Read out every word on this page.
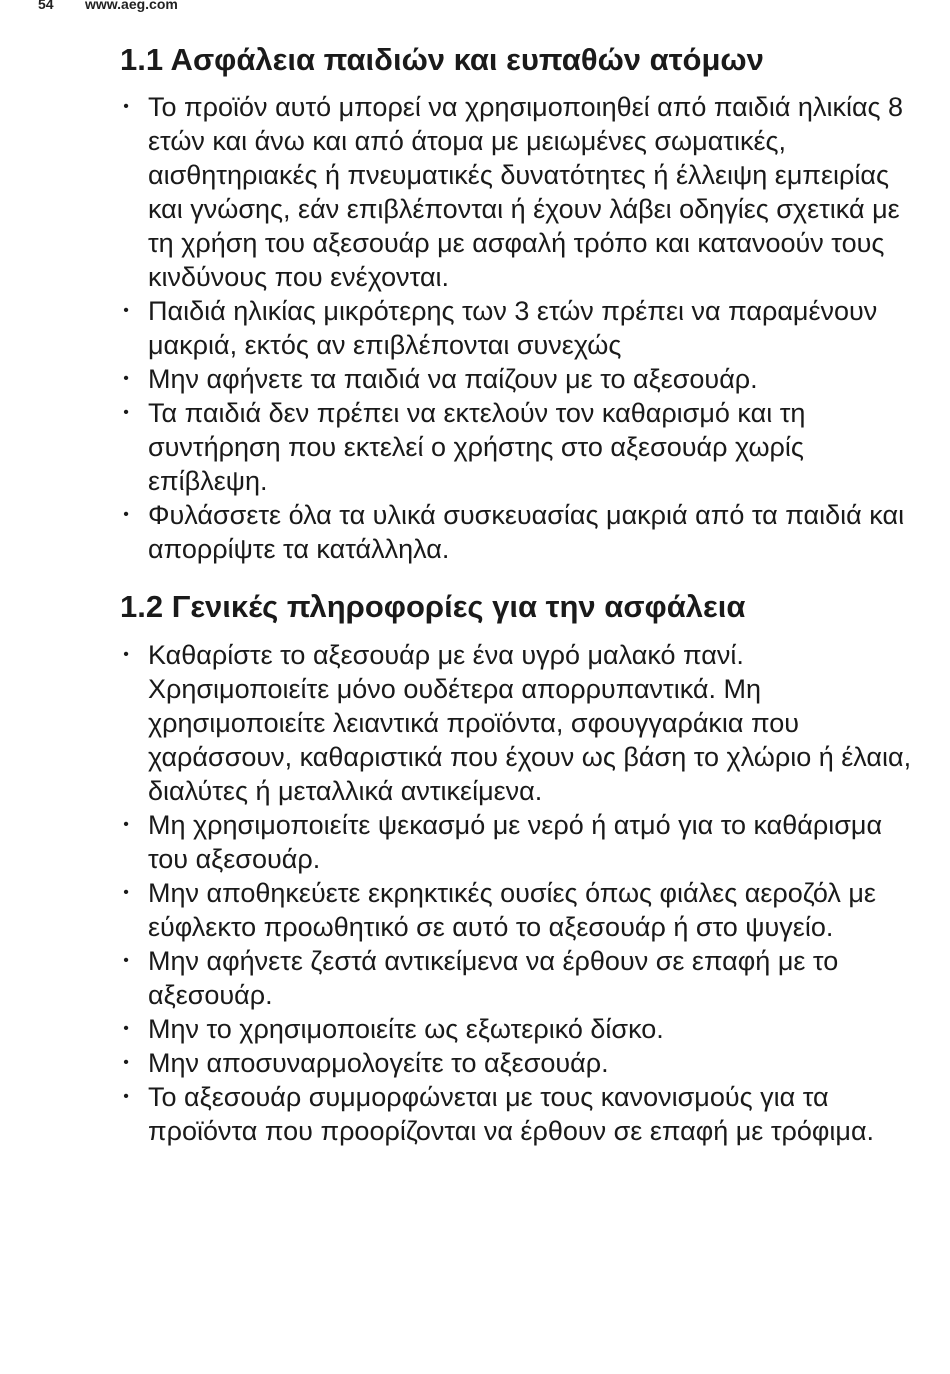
54 www.aeg.com
1.1 Ασφάλεια παιδιών και ευπαθών ατόμων
• Το προϊόν αυτό μπορεί να χρησιμοποιηθεί από παιδιά ηλικίας 8 ετών και άνω και από άτομα με μειωμένες σωματικές, αισθητηριακές ή πνευματικές δυνατότητες ή έλλειψη εμπειρίας και γνώσης, εάν επιβλέπονται ή έχουν λάβει οδηγίες σχετικά με τη χρήση του αξεσουάρ με ασφαλή τρόπο και κατανοούν τους κινδύνους που ενέχονται.
• Παιδιά ηλικίας μικρότερης των 3 ετών πρέπει να παραμένουν μακριά, εκτός αν επιβλέπονται συνεχώς
• Μην αφήνετε τα παιδιά να παίζουν με το αξεσουάρ.
• Τα παιδιά δεν πρέπει να εκτελούν τον καθαρισμό και τη συντήρηση που εκτελεί ο χρήστης στο αξεσουάρ χωρίς επίβλεψη.
• Φυλάσσετε όλα τα υλικά συσκευασίας μακριά από τα παιδιά και απορρίψτε τα κατάλληλα.
1.2 Γενικές πληροφορίες για την ασφάλεια
• Καθαρίστε το αξεσουάρ με ένα υγρό μαλακό πανί. Χρησιμοποιείτε μόνο ουδέτερα απορρυπαντικά. Μη χρησιμοποιείτε λειαντικά προϊόντα, σφουγγαράκια που χαράσσουν, καθαριστικά που έχουν ως βάση το χλώριο ή έλαια, διαλύτες ή μεταλλικά αντικείμενα.
• Μη χρησιμοποιείτε ψεκασμό με νερό ή ατμό για το καθάρισμα του αξεσουάρ.
• Μην αποθηκεύετε εκρηκτικές ουσίες όπως φιάλες αεροζόλ με εύφλεκτο προωθητικό σε αυτό το αξεσουάρ ή στο ψυγείο.
• Μην αφήνετε ζεστά αντικείμενα να έρθουν σε επαφή με το αξεσουάρ.
• Μην το χρησιμοποιείτε ως εξωτερικό δίσκο.
• Μην αποσυναρμολογείτε το αξεσουάρ.
• Το αξεσουάρ συμμορφώνεται με τους κανονισμούς για τα προϊόντα που προορίζονται να έρθουν σε επαφή με τρόφιμα.
